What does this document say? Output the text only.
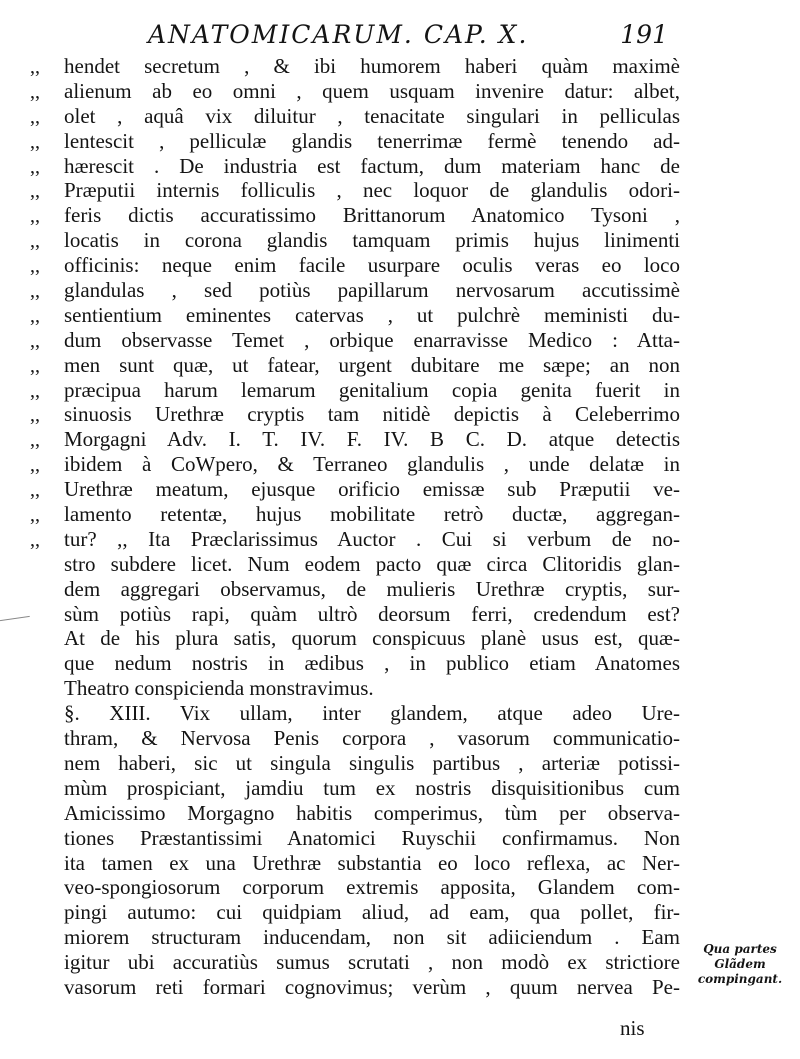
ANATOMICARUM. CAP. X.	191
,, hendet secretum , & ibi humorem haberi quàm maximè
,, alienum ab eo omni , quem usquam invenire datur: albet,
,, olet , aquâ vix diluitur , tenacitate singulari in pelliculas
,, lentescit , pelliculæ glandis tenerrimæ fermè tenendo ad-
,, hærescit . De industria est factum, dum materiam hanc de
,, Præputii internis folliculis , nec loquor de glandulis odori-
,, feris dictis accuratissimo Brittanorum Anatomico Tysoni ,
,, locatis in corona glandis tamquam primis hujus linimenti
,, officinis: neque enim facile usurpare oculis veras eo loco
,, glandulas , sed potiùs papillarum nervosarum accutissimè
,, sentientium eminentes catervas , ut pulchrè meministi du-
,, dum observasse Temet , orbique enarravisse Medico : Atta-
,, men sunt quæ, ut fatear, urgent dubitare me sæpe; an non
,, præcipua harum lemarum genitalium copia genita fuerit in
,, sinuosis Urethræ cryptis tam nitidè depictis à Celeberrimo
,, Morgagni Adv. I. T. IV. F. IV. B C. D. atque detectis
,, ibidem à CoWpero, & Terraneo glandulis , unde delatæ in
,, Urethræ meatum, ejusque orificio emissæ sub Præputii ve-
,, lamento retentæ, hujus mobilitate retrò ductæ, aggregan-
,, tur? ,, Ita Præclarissimus Auctor . Cui si verbum de no-
stro subdere licet. Num eodem pacto quæ circa Clitoridis glan-
dem aggregari observamus, de mulieris Urethræ cryptis, sur-
sùm potiùs rapi, quàm ultrò deorsum ferri, credendum est?
At de his plura satis, quorum conspicuus planè usus est, quæ-
que nedum nostris in ædibus , in publico etiam Anatomes
Theatro conspicienda monstravimus.
§. XIII. Vix ullam, inter glandem, atque adeo Ure-
thram, & Nervosa Penis corpora , vasorum communicatio-
nem haberi, sic ut singula singulis partibus , arteriæ potissi-
mùm prospiciant, jamdiu tum ex nostris disquisitionibus cum
Amicissimo Morgagno habitis comperimus, tùm per observa-
tiones Præstantissimi Anatomici Ruyschii confirmamus. Non
ita tamen ex una Urethræ substantia eo loco reflexa, ac Ner-
veo-spongiosorum corporum extremis apposita, Glandem com-
pingi autumo: cui quidpiam aliud, ad eam, qua pollet, fir-
miorem structuram inducendam, non sit adiiciendum . Eam
igitur ubi accuratiùs sumus scrutati , non modò ex strictiore
vasorum reti formari cognovimus; verùm , quum nervea Pe-
Qua partes Glãdem compingant.
nis
